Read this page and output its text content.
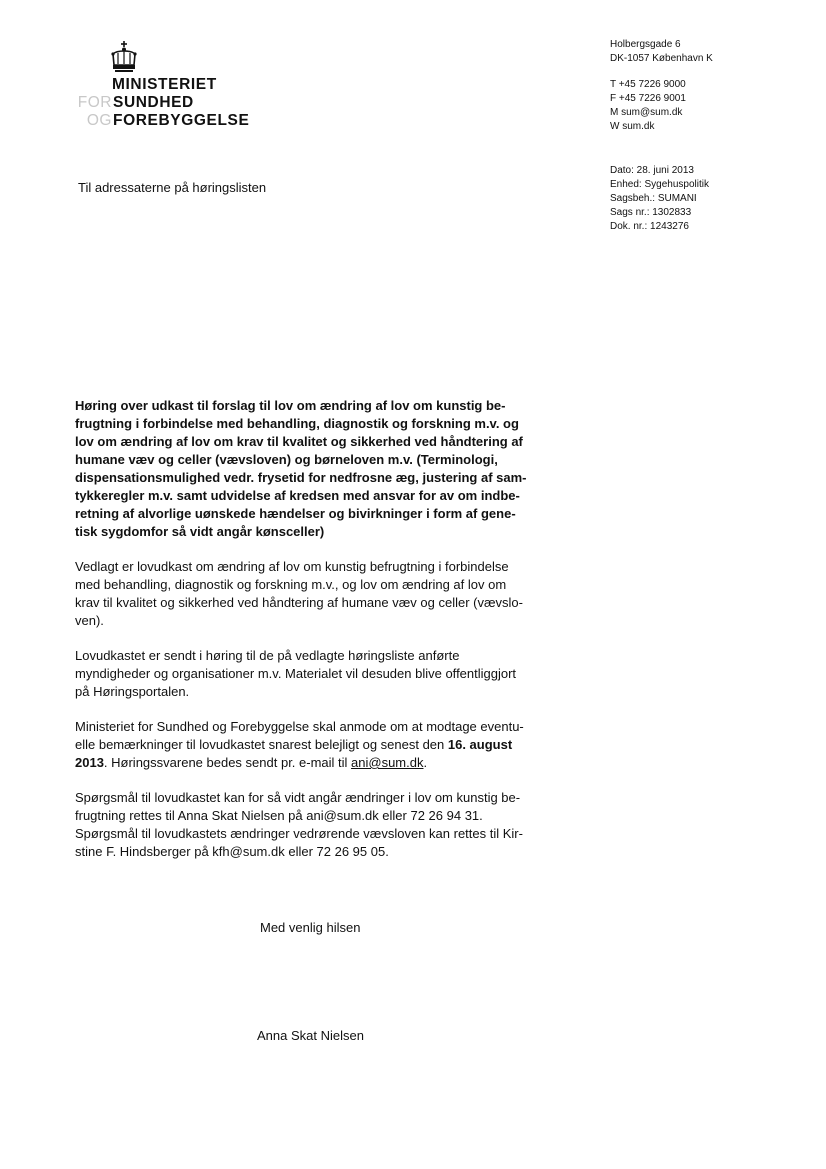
MINISTERIET
FORSUNDHED
OGFOREBYGGELSE
Holbergsgade 6
DK-1057 København K
T +45 7226 9000
F +45 7226 9001
M sum@sum.dk
W sum.dk
Dato: 28. juni 2013
Enhed: Sygehuspolitik
Sagsbeh.: SUMANI
Sags nr.: 1302833
Dok. nr.: 1243276
Til adressaterne på høringslisten
Høring over udkast til forslag til lov om ændring af lov om kunstig be-
frugtning i forbindelse med behandling, diagnostik og forskning m.v. og
lov om ændring af lov om krav til kvalitet og sikkerhed ved håndtering af
humane væv og celler (vævsloven) og børneloven m.v. (Terminologi,
dispensationsmulighed vedr. frysetid for nedfrosne æg, justering af sam-
tykkeregler m.v. samt udvidelse af kredsen med ansvar for av om indbe-
retning af alvorlige uønskede hændelser og bivirkninger i form af gene-
tisk sygdomfor så vidt angår kønsceller)
Vedlagt er lovudkast om ændring af lov om kunstig befrugtning i forbindelse
med behandling, diagnostik og forskning m.v., og lov om ændring af lov om
krav til kvalitet og sikkerhed ved håndtering af humane væv og celler (vævslo-
ven).
Lovudkastet er sendt i høring til de på vedlagte høringsliste anførte
myndigheder og organisationer m.v. Materialet vil desuden blive offentliggjort
på Høringsportalen.
Ministeriet for Sundhed og Forebyggelse skal anmode om at modtage eventu-
elle bemærkninger til lovudkastet snarest belejligt og senest den 16. august
2013. Høringssvarene bedes sendt pr. e-mail til ani@sum.dk.
Spørgsmål til lovudkastet kan for så vidt angår ændringer i lov om kunstig be-
frugtning rettes til Anna Skat Nielsen på ani@sum.dk eller 72 26 94 31.
Spørgsmål til lovudkastets ændringer vedrørende vævsloven kan rettes til Kir-
stine F. Hindsberger på kfh@sum.dk eller 72 26 95 05.
Med venlig hilsen
Anna Skat Nielsen
